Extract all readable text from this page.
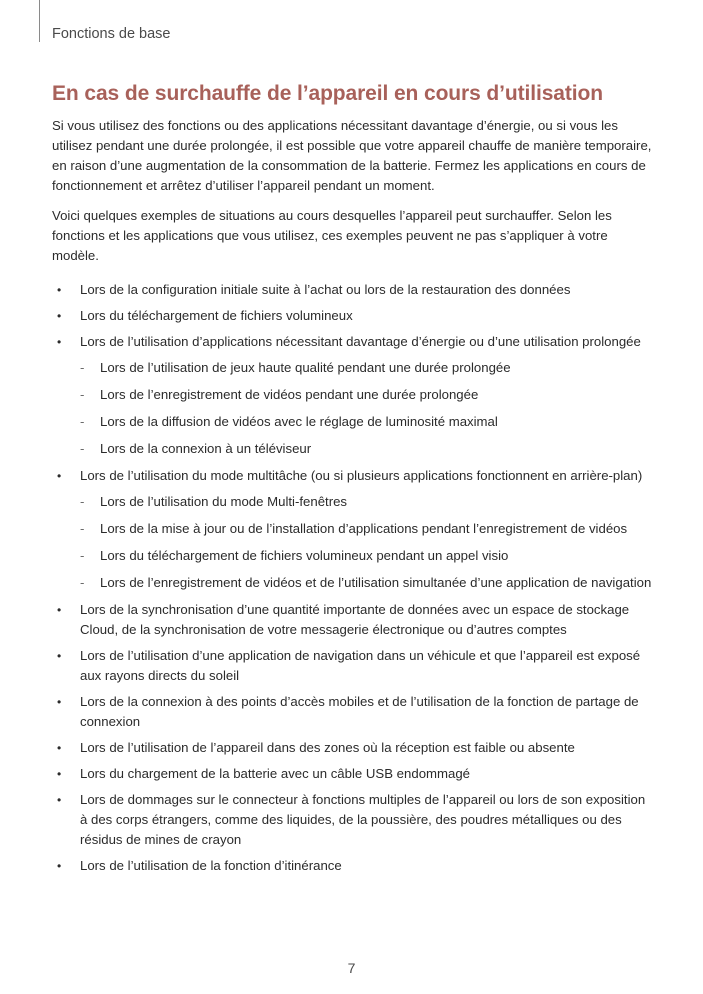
Fonctions de base
En cas de surchauffe de l’appareil en cours d’utilisation

Si vous utilisez des fonctions ou des applications nécessitant davantage d’énergie, ou si vous les utilisez pendant une durée prolongée, il est possible que votre appareil chauffe de manière temporaire, en raison d’une augmentation de la consommation de la batterie. Fermez les applications en cours de fonctionnement et arrêtez d’utiliser l’appareil pendant un moment.

Voici quelques exemples de situations au cours desquelles l’appareil peut surchauffer. Selon les fonctions et les applications que vous utilisez, ces exemples peuvent ne pas s’appliquer à votre modèle.

• Lors de la configuration initiale suite à l’achat ou lors de la restauration des données
• Lors du téléchargement de fichiers volumineux
• Lors de l’utilisation d’applications nécessitant davantage d’énergie ou d’une utilisation prolongée
- Lors de l’utilisation de jeux haute qualité pendant une durée prolongée
- Lors de l’enregistrement de vidéos pendant une durée prolongée
- Lors de la diffusion de vidéos avec le réglage de luminosité maximal
- Lors de la connexion à un téléviseur
• Lors de l’utilisation du mode multitâche (ou si plusieurs applications fonctionnent en arrière-plan)
- Lors de l’utilisation du mode Multi-fenêtres
- Lors de la mise à jour ou de l’installation d’applications pendant l’enregistrement de vidéos
- Lors du téléchargement de fichiers volumineux pendant un appel visio
- Lors de l’enregistrement de vidéos et de l’utilisation simultanée d’une application de navigation
• Lors de la synchronisation d’une quantité importante de données avec un espace de stockage Cloud, de la synchronisation de votre messagerie électronique ou d’autres comptes
• Lors de l’utilisation d’une application de navigation dans un véhicule et que l’appareil est exposé aux rayons directs du soleil
• Lors de la connexion à des points d’accès mobiles et de l’utilisation de la fonction de partage de connexion
• Lors de l’utilisation de l’appareil dans des zones où la réception est faible ou absente
• Lors du chargement de la batterie avec un câble USB endommagé
• Lors de dommages sur le connecteur à fonctions multiples de l’appareil ou lors de son exposition à des corps étrangers, comme des liquides, de la poussière, des poudres métalliques ou des résidus de mines de crayon
• Lors de l’utilisation de la fonction d’itinérance
7
